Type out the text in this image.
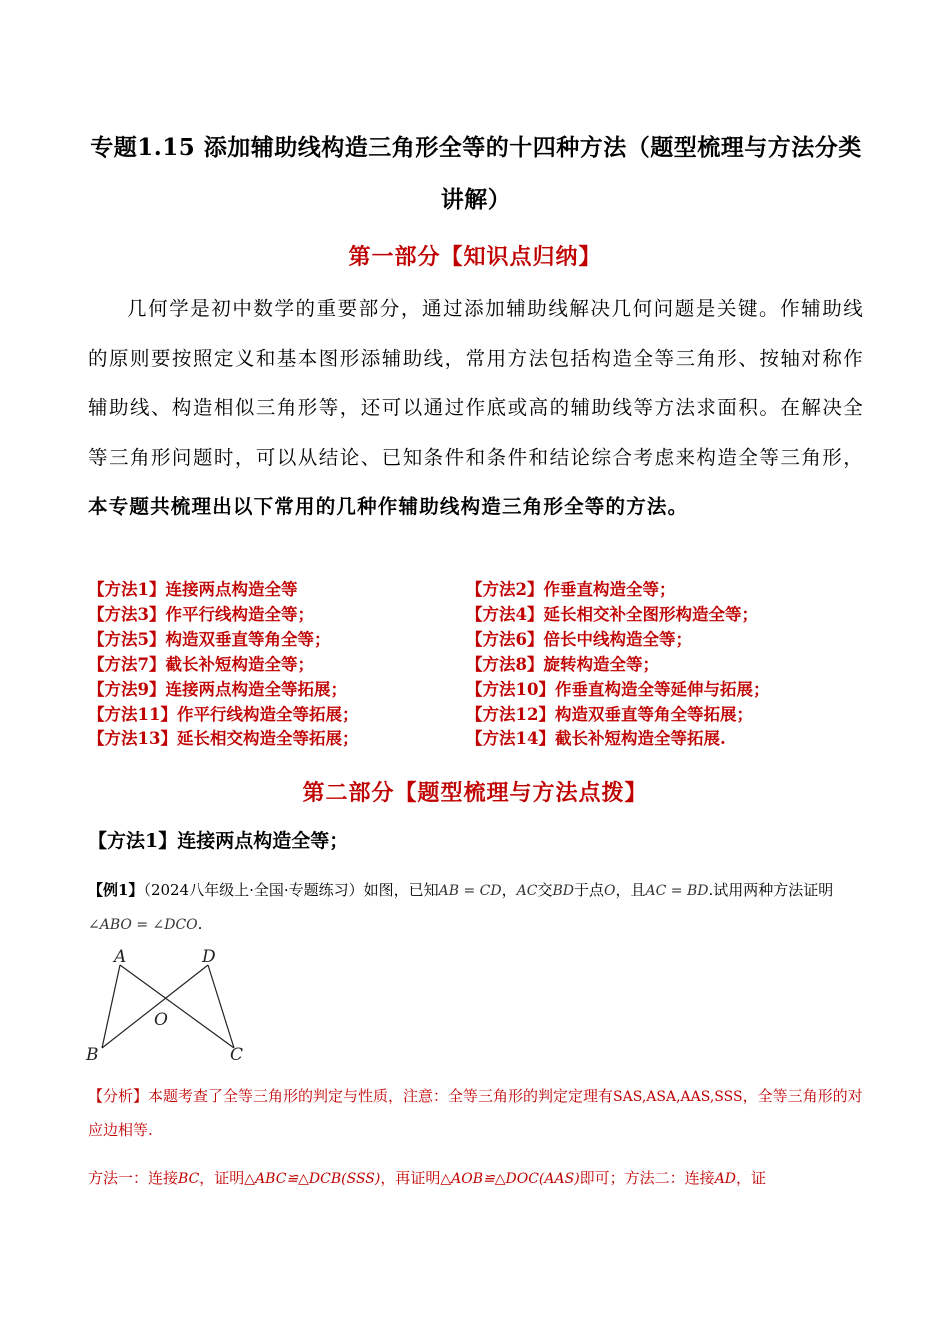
专题1.15 添加辅助线构造三角形全等的十四种方法（题型梳理与方法分类讲解）
第一部分【知识点归纳】
几何学是初中数学的重要部分，通过添加辅助线解决几何问题是关键。作辅助线的原则要按照定义和基本图形添辅助线，常用方法包括构造全等三角形、按轴对称作辅助线、构造相似三角形等，还可以通过作底或高的辅助线等方法求面积。在解决全等三角形问题时，可以从结论、已知条件和条件和结论综合考虑来构造全等三角形，本专题共梳理出以下常用的几种作辅助线构造三角形全等的方法。
【方法1】连接两点构造全等	【方法2】作垂直构造全等；
【方法3】作平行线构造全等；	【方法4】延长相交补全图形构造全等；
【方法5】构造双垂直等角全等；	【方法6】倍长中线构造全等；
【方法7】截长补短构造全等；	【方法8】旋转构造全等；
【方法9】连接两点构造全等拓展；	【方法10】作垂直构造全等延伸与拓展；
【方法11】作平行线构造全等拓展；	【方法12】构造双垂直等角全等拓展；
【方法13】延长相交构造全等拓展；	【方法14】截长补短构造全等拓展.
第二部分【题型梳理与方法点拨】
【方法1】连接两点构造全等；
【例1】（2024八年级上·全国·专题练习）如图，已知AB = CD，AC交BD于点O，且AC = BD.试用两种方法证明∠ABO = ∠DCO.
A	D
O
B	C
【分析】本题考查了全等三角形的判定与性质，注意：全等三角形的判定定理有SAS,ASA,AAS,SSS，全等三角形的对应边相等.
方法一：连接BC，证明△ABC≌△DCB(SSS)，再证明△AOB≌△DOC(AAS)即可；方法二：连接AD，证
